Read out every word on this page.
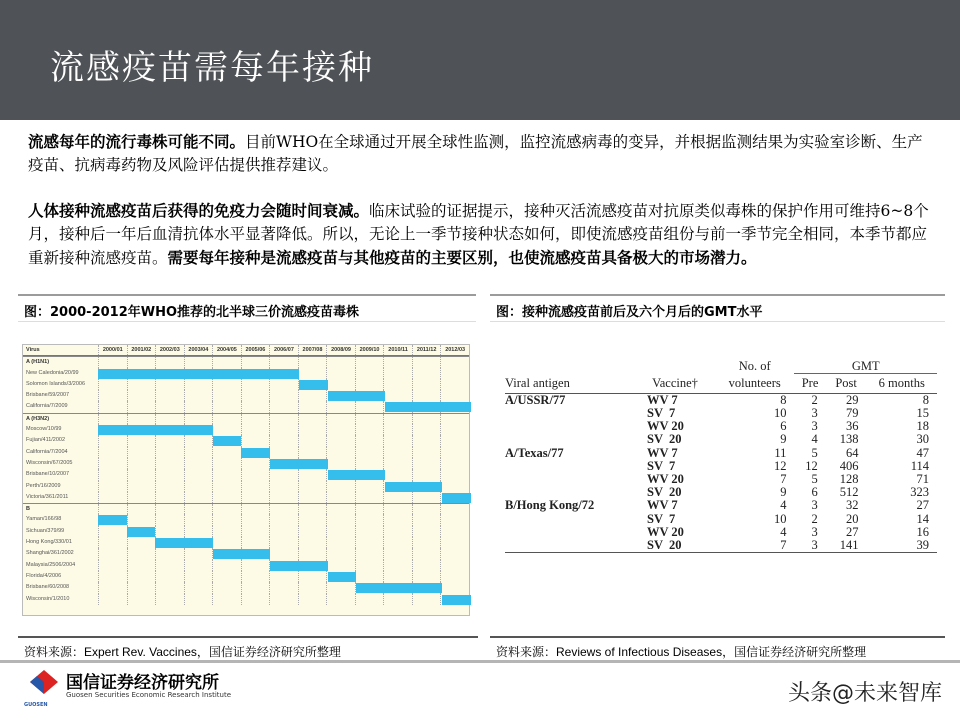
流感疫苗需每年接种
流感每年的流行毒株可能不同。目前WHO在全球通过开展全球性监测，监控流感病毒的变异，并根据监测结果为实验室诊断、生产疫苗、抗病毒药物及风险评估提供推荐建议。
人体接种流感疫苗后获得的免疫力会随时间衰减。临床试验的证据提示，接种灭活流感疫苗对抗原类似毒株的保护作用可维持6~8个月，接种后一年后血清抗体水平显著降低。所以，无论上一季节接种状态如何，即使流感疫苗组份与前一季节完全相同，本季节都应重新接种流感疫苗。需要每年接种是流感疫苗与其他疫苗的主要区别，也使流感疫苗具备极大的市场潜力。
图：2000-2012年WHO推荐的北半球三价流感疫苗毒株	图：接种流感疫苗前后及六个月后的GMT水平
Virus	2000/01	2001/02	2002/03	2003/04	2004/05	2005/06	2006/07	2007/08	2008/09	2009/10	2010/11	2011/12	2012/03
A (H1N1)
New Caledonia/20/99
Solomon Islands/3/2006
Brisbane/59/2007
California/7/2009
A (H3N2)
Moscow/10/99
Fujian/411/2002
California/7/2004
Wisconsin/67/2005
Brisbane/10/2007
Perth/16/2009
Victoria/361/2011
B
Yaman/166/98
Sichuan/379/99
Hong Kong/330/01
Shanghai/361/2002
Malaysia/2506/2004
Florida/4/2006
Brisbane/60/2008
Wisconsin/1/2010
		No. of	GMT		
Viral antigen	Vaccine†	volunteers	Pre	Post	6 months
A/USSR/77	WV 7	8	2	29	8
	SV  7	10	3	79	15
	WV 20	6	3	36	18
	SV  20	9	4	138	30
A/Texas/77	WV 7	11	5	64	47
	SV  7	12	12	406	114
	WV 20	7	5	128	71
	SV  20	9	6	512	323
B/Hong Kong/72	WV 7	4	3	32	27
	SV  7	10	2	20	14
	WV 20	4	3	27	16
	SV  20	7	3	141	39
资料来源：Expert Rev. Vaccines，国信证券经济研究所整理	资料来源：Reviews of Infectious Diseases，国信证券经济研究所整理
国信证券经济研究所
Guosen Securities Economic Research Institute
GUOSEN	头条@未来智库
